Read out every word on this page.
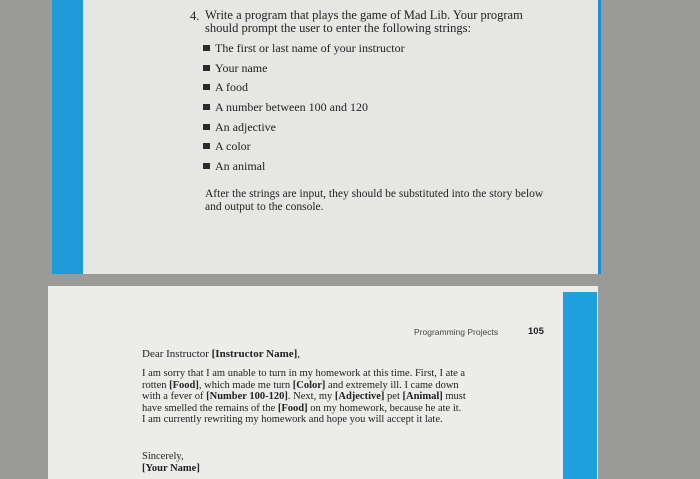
4. Write a program that plays the game of Mad Lib. Your program should prompt the user to enter the following strings:
The first or last name of your instructor
Your name
A food
A number between 100 and 120
An adjective
A color
An animal
After the strings are input, they should be substituted into the story below and output to the console.
Programming Projects	105
Dear Instructor [Instructor Name],
I am sorry that I am unable to turn in my homework at this time. First, I ate a rotten [Food], which made me turn [Color] and extremely ill. I came down with a fever of [Number 100-120]. Next, my [Adjective] pet [Animal] must have smelled the remains of the [Food] on my homework, because he ate it. I am currently rewriting my homework and hope you will accept it late.
Sincerely,
[Your Name]
